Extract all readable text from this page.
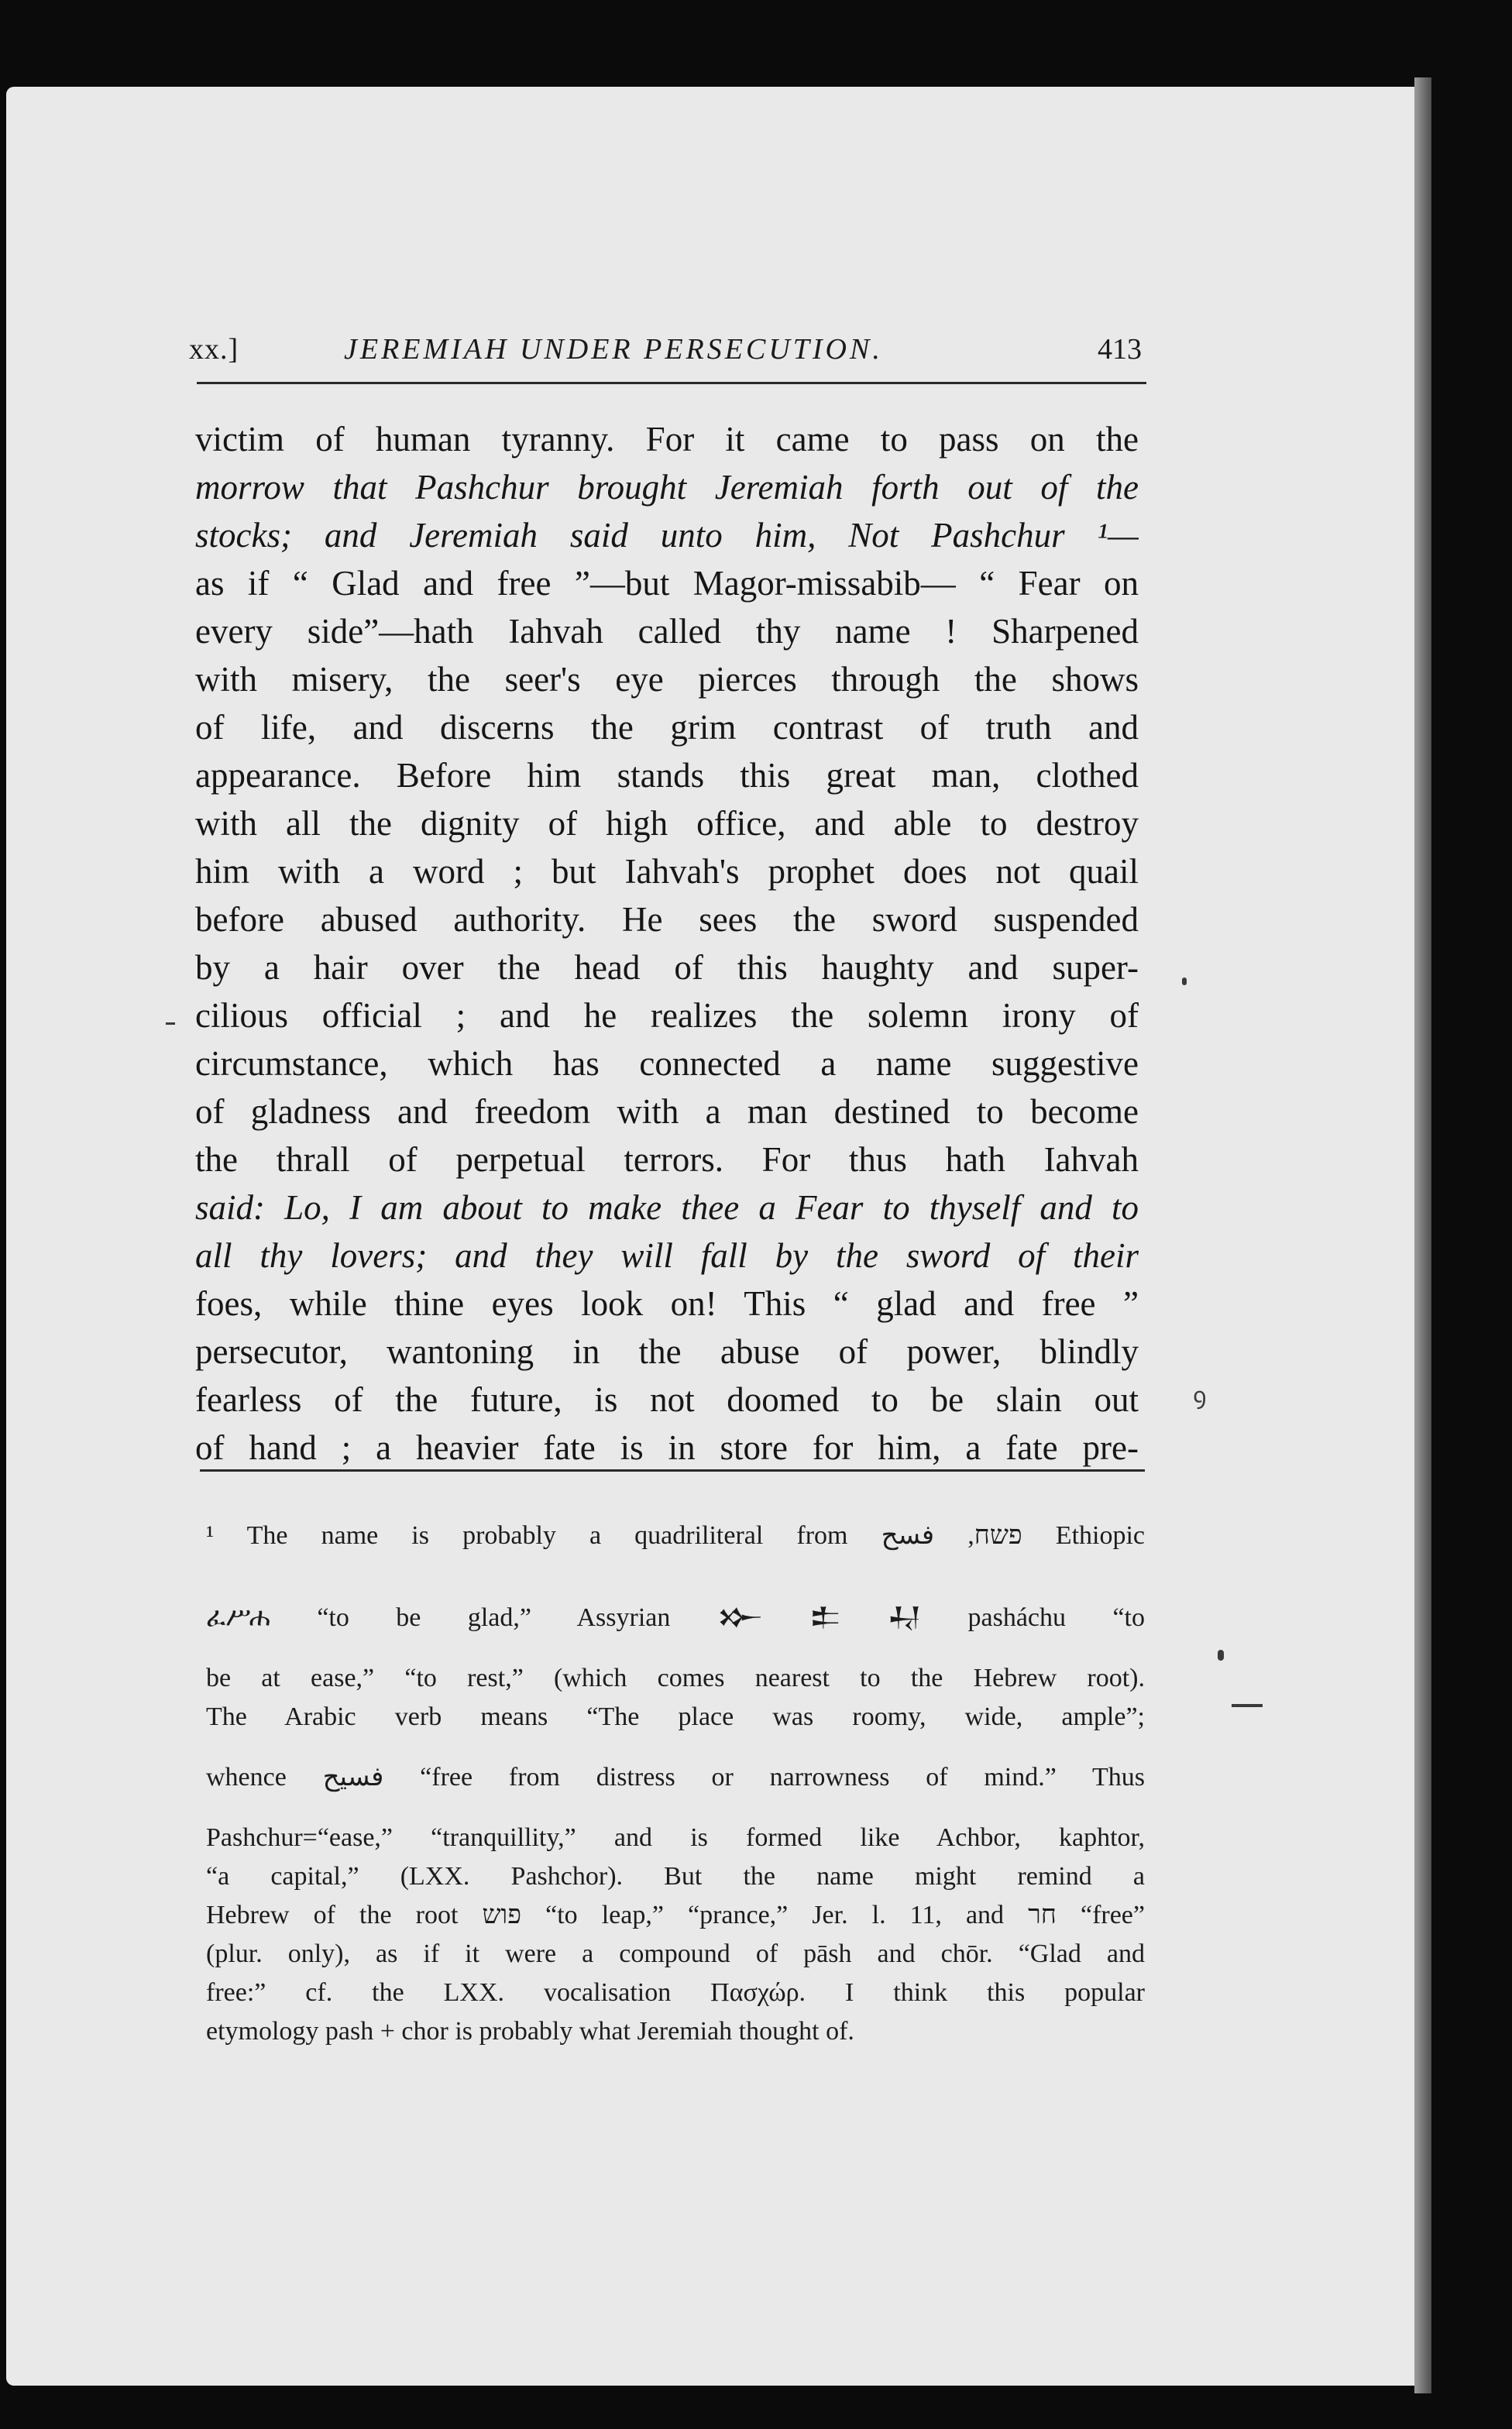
xx.]	JEREMIAH UNDER PERSECUTION.	413
victim of human tyranny. For it came to pass on the
morrow that Pashchur brought Jeremiah forth out of the
stocks; and Jeremiah said unto him, Not Pashchur ¹—
as if “ Glad and free ”—but Magor-missabib— “ Fear on
every side”—hath Iahvah called thy name ! Sharpened
with misery, the seer's eye pierces through the shows
of life, and discerns the grim contrast of truth and
appearance. Before him stands this great man, clothed
with all the dignity of high office, and able to destroy
him with a word ; but Iahvah's prophet does not quail
before abused authority. He sees the sword suspended
by a hair over the head of this haughty and super-
cilious official ; and he realizes the solemn irony of
circumstance, which has connected a name suggestive
of gladness and freedom with a man destined to become
the thrall of perpetual terrors. For thus hath Iahvah
said: Lo, I am about to make thee a Fear to thyself and to
all thy lovers; and they will fall by the sword of their
foes, while thine eyes look on! This “ glad and free ”
persecutor, wantoning in the abuse of power, blindly
fearless of the future, is not doomed to be slain out
of hand ; a heavier fate is in store for him, a fate pre-
¹ The name is probably a quadriliteral from פשח, فسح Ethiopic
ፈሥሐ “to be glad,” Assyrian 𒁍 𒉺 𒄷 pasháchu “to
be at ease,” “to rest,” (which comes nearest to the Hebrew root).
The Arabic verb means “The place was roomy, wide, ample”;
whence فسيح “free from distress or narrowness of mind.” Thus
Pashchur=“ease,” “tranquillity,” and is formed like Achbor, kaphtor,
“a capital,” (LXX. Pashchor). But the name might remind a
Hebrew of the root פוש “to leap,” “prance,” Jer. l. 11, and חר “free”
(plur. only), as if it were a compound of pāsh and chōr. “Glad and
free:” cf. the LXX. vocalisation Πασχώρ. I think this popular
etymology pash + chor is probably what Jeremiah thought of.
ꝯ
